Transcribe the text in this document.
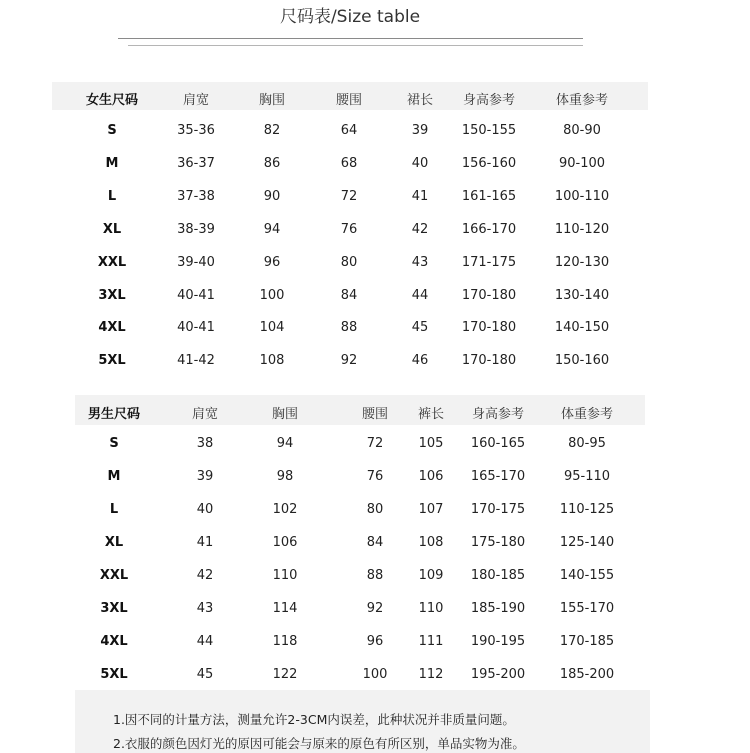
尺码表/Size table
女生尺码	肩宽	胸围	腰围	裙长 身高参考	体重参考
S	35-36	82	64	39	150-155	80-90
M	36-37	86	68	40	156-160	90-100
L	37-38	90	72	41	161-165	100-110
XL	38-39	94	76	42	166-170	110-120
XXL	39-40	96	80	43	171-175	120-130
3XL	40-41	100	84	44	170-180	130-140
4XL	40-41	104	88	45	170-180	140-150
5XL	41-42	108	92	46	170-180	150-160
男生尺码	肩宽	胸围	腰围 裤长 身高参考	体重参考
S	38	94	72	105 160-165	80-95
M	39	98	76	106 165-170	95-110
L	40	102	80	107 170-175	110-125
XL	41	106	84	108 175-180	125-140
XXL	42	110	88	109 180-185	140-155
3XL	43	114	92	110 185-190	155-170
4XL	44	118	96	111 190-195	170-185
5XL	45	122	100 112 195-200	185-200
1.因不同的计量方法，测量允许2-3CM内误差，此种状况并非质量问题。
2.衣服的颜色因灯光的原因可能会与原来的原色有所区别，单品实物为准。
